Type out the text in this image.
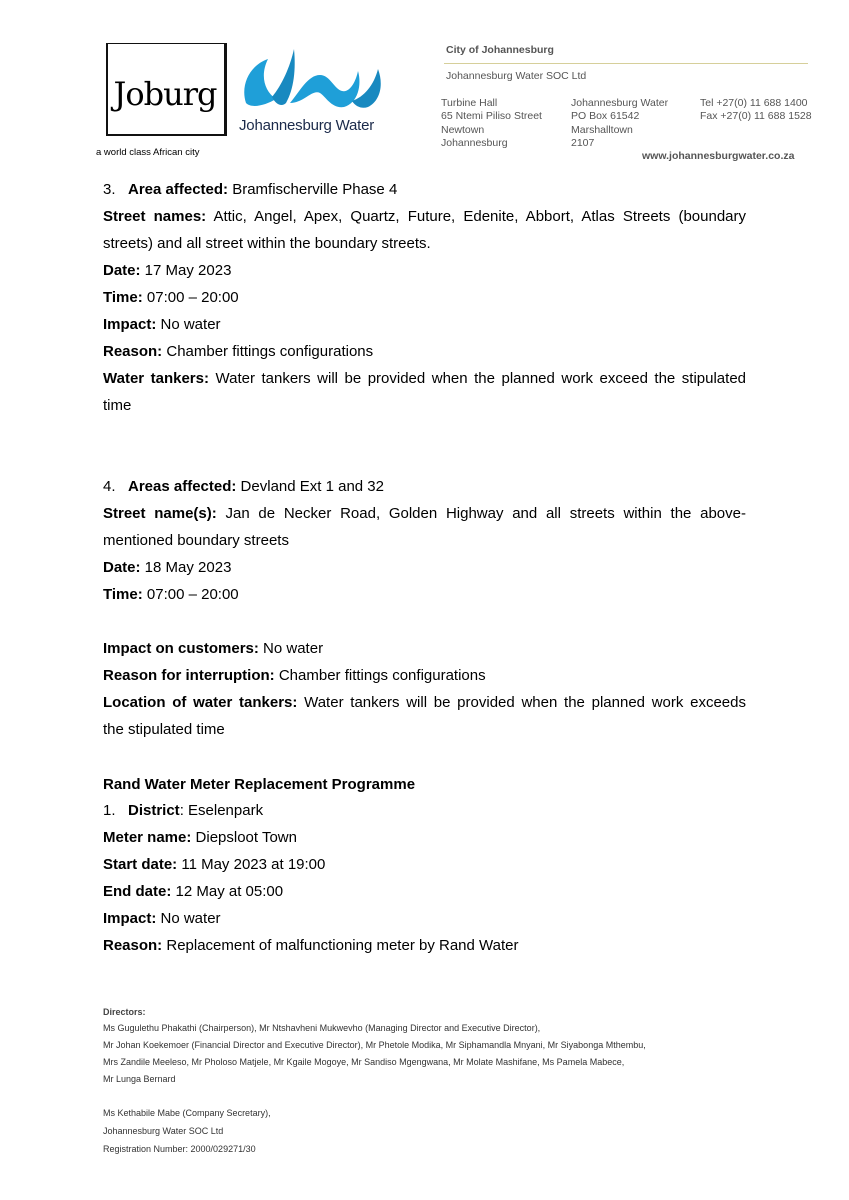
Joburg
a world class African city
Johannesburg Water
City of Johannesburg
Johannesburg Water SOC Ltd
Turbine Hall
65 Ntemi Piliso Street
Newtown
Johannesburg
Johannesburg Water
PO Box 61542
Marshalltown
2107
Tel +27(0) 11 688 1400
Fax +27(0) 11 688 1528
www.johannesburgwater.co.za
3. Area affected: Bramfischerville Phase 4
Street names: Attic, Angel, Apex, Quartz, Future, Edenite, Abbort, Atlas Streets (boundary
streets) and all street within the boundary streets.
Date: 17 May 2023
Time: 07:00 – 20:00
Impact: No water
Reason: Chamber fittings configurations
Water tankers: Water tankers will be provided when the planned work exceed the stipulated
time
4. Areas affected: Devland Ext 1 and 32
Street name(s): Jan de Necker Road, Golden Highway and all streets within the above-
mentioned boundary streets
Date: 18 May 2023
Time: 07:00 – 20:00
Impact on customers: No water
Reason for interruption: Chamber fittings configurations
Location of water tankers: Water tankers will be provided when the planned work exceeds
the stipulated time
Rand Water Meter Replacement Programme
1. District: Eselenpark
Meter name: Diepsloot Town
Start date: 11 May 2023 at 19:00
End date: 12 May at 05:00
Impact: No water
Reason: Replacement of malfunctioning meter by Rand Water
Directors:
Ms Gugulethu Phakathi (Chairperson), Mr Ntshavheni Mukwevho (Managing Director and Executive Director),
Mr Johan Koekemoer (Financial Director and Executive Director), Mr Phetole Modika, Mr Siphamandla Mnyani, Mr Siyabonga Mthembu,
Mrs Zandile Meeleso, Mr Pholoso Matjele, Mr Kgaile Mogoye, Mr Sandiso Mgengwana, Mr Molate Mashifane, Ms Pamela Mabece,
Mr Lunga Bernard
Ms Kethabile Mabe (Company Secretary),
Johannesburg Water SOC Ltd
Registration Number: 2000/029271/30
